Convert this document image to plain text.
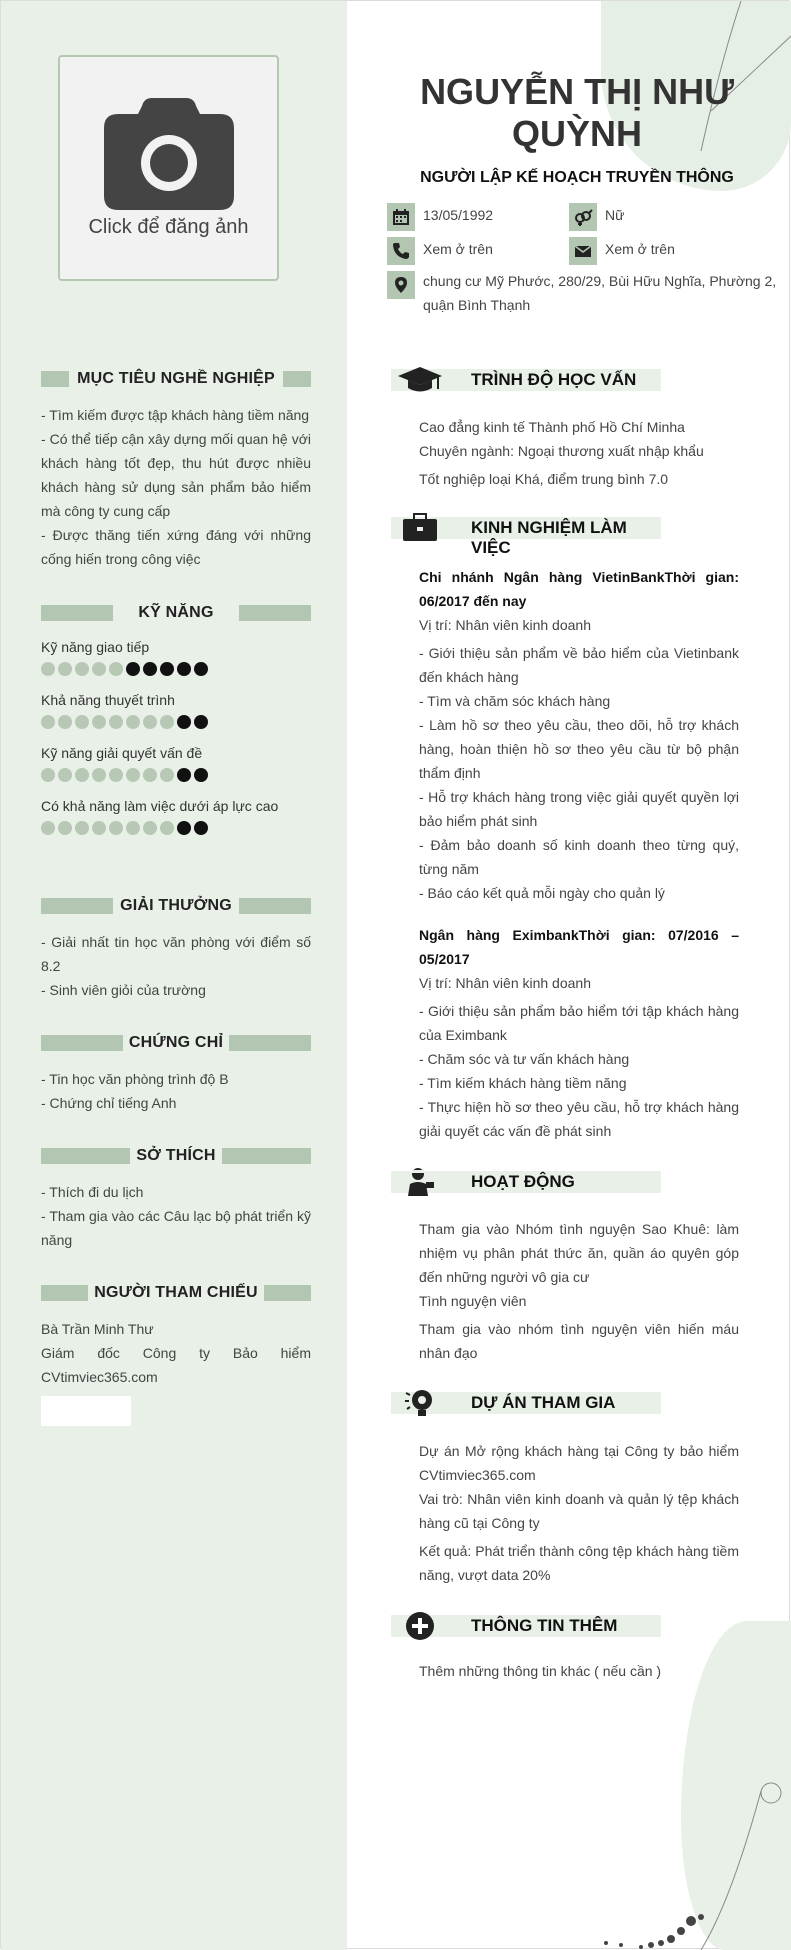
Click để đăng ảnh
MỤC TIÊU NGHỀ NGHIỆP

- Tìm kiếm được tập khách hàng tiềm năng

- Có thể tiếp cận xây dựng mối quan hệ với khách hàng tốt đẹp, thu hút được nhiều khách hàng sử dụng sản phẩm bảo hiểm mà công ty cung cấp

- Được thăng tiến xứng đáng với những cống hiến trong công việc

KỸ NĂNG
Kỹ năng giao tiếp
Khả năng thuyết trình
Kỹ năng giải quyết vấn đề
Có khả năng làm việc dưới áp lực cao
GIẢI THƯỞNG

- Giải nhất tin học văn phòng với điểm số 8.2

- Sinh viên giỏi của trường

CHỨNG CHỈ

- Tin học văn phòng trình độ B

- Chứng chỉ tiếng Anh

SỞ THÍCH

- Thích đi du lịch

- Tham gia vào các Câu lạc bộ phát triển kỹ năng

NGƯỜI THAM CHIẾU

Bà Trần Minh Thư

Giám đốc Công ty Bảo hiểm CVtimviec365.com

NGUYỄN THỊ NHƯ QUỲNH
NGƯỜI LẬP KẾ HOẠCH TRUYỀN THÔNG
13/05/1992	Nữ
Xem ở trên	Xem ở trên
chung cư Mỹ Phước, 280/29, Bùi Hữu Nghĩa, Phường 2, quận Bình Thạnh
TRÌNH ĐỘ HỌC VẤN

Cao đẳng kinh tế Thành phố Hồ Chí Minha

Chuyên ngành: Ngoại thương xuất nhập khẩu

Tốt nghiệp loại Khá, điểm trung bình 7.0

KINH NGHIỆM LÀM VIỆC

Chi nhánh Ngân hàng VietinBankThời gian: 06/2017 đến nay

Vị trí: Nhân viên kinh doanh

- Giới thiệu sản phẩm về bảo hiểm của Vietinbank đến khách hàng

- Tìm và chăm sóc khách hàng

- Làm hồ sơ theo yêu cầu, theo dõi, hỗ trợ khách hàng, hoàn thiện hồ sơ theo yêu cầu từ bộ phận thẩm định

- Hỗ trợ khách hàng trong việc giải quyết quyền lợi bảo hiểm phát sinh

- Đảm bảo doanh số kinh doanh theo từng quý, từng năm

- Báo cáo kết quả mỗi ngày cho quản lý

Ngân hàng EximbankThời gian: 07/2016 – 05/2017

Vị trí: Nhân viên kinh doanh

- Giới thiệu sản phẩm bảo hiểm tới tập khách hàng của Eximbank

- Chăm sóc và tư vấn khách hàng

- Tìm kiếm khách hàng tiềm năng

- Thực hiện hồ sơ theo yêu cầu, hỗ trợ khách hàng giải quyết các vấn đề phát sinh

HOẠT ĐỘNG

Tham gia vào Nhóm tình nguyện Sao Khuê: làm nhiệm vụ phân phát thức ăn, quần áo quyên góp đến những người vô gia cư

Tình nguyện viên

Tham gia vào nhóm tình nguyện viên hiến máu nhân đạo

DỰ ÁN THAM GIA

Dự án Mở rộng khách hàng tại Công ty bảo hiểm CVtimviec365.com

Vai trò: Nhân viên kinh doanh và quản lý tệp khách hàng cũ tại Công ty

Kết quả: Phát triển thành công tệp khách hàng tiềm năng, vượt data 20%

THÔNG TIN THÊM

Thêm những thông tin khác ( nếu cần )
